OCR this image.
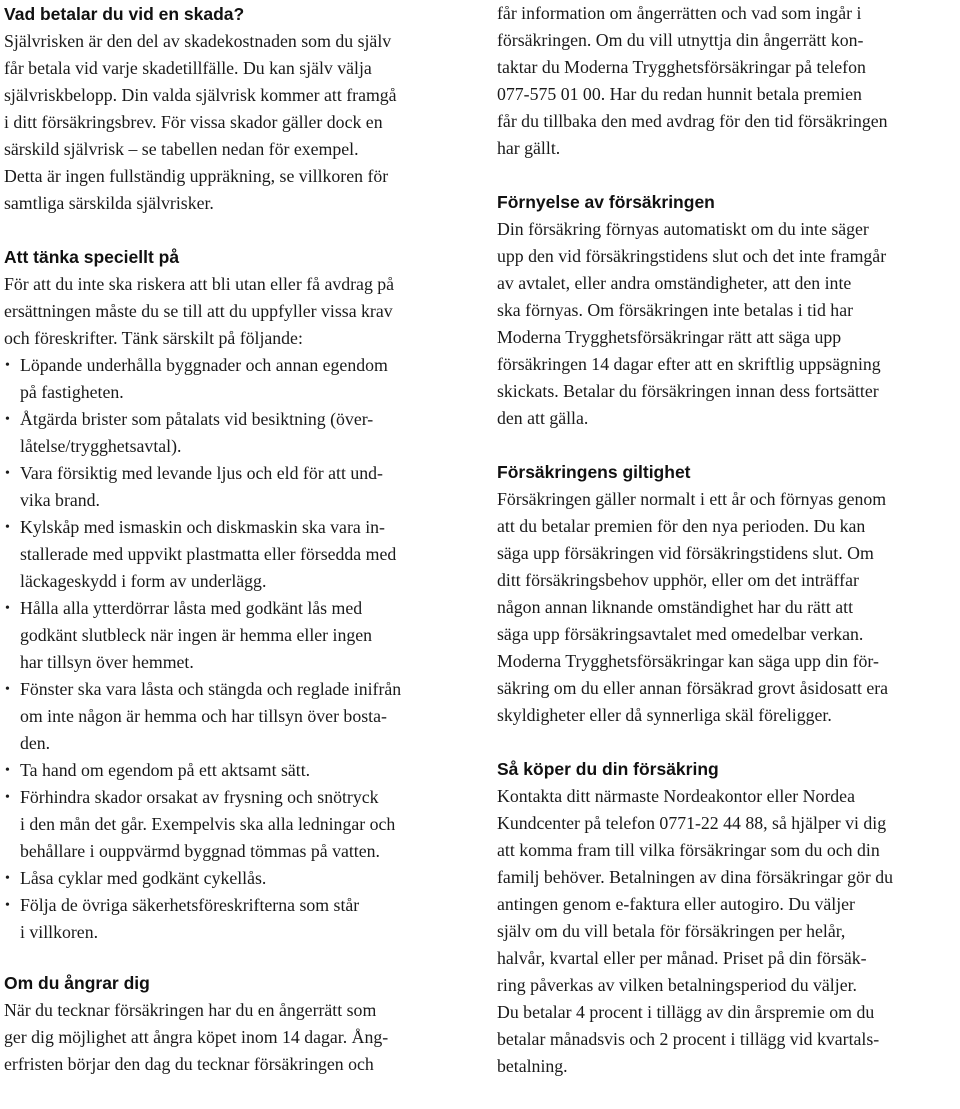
Vad betalar du vid en skada?

Självrisken är den del av skadekostnaden som du själv
får betala vid varje skadetillfälle. Du kan själv välja
självriskbelopp. Din valda självrisk kommer att framgå
i ditt försäkringsbrev. För vissa skador gäller dock en
särskild självrisk – se tabellen nedan för exempel.
Detta är ingen fullständig uppräkning, se villkoren för
samtliga särskilda självrisker.

Att tänka speciellt på

För att du inte ska riskera att bli utan eller få avdrag på
ersättningen måste du se till att du uppfyller vissa krav
och föreskrifter. Tänk särskilt på följande:

• Löpande underhålla byggnader och annan egendom
på fastigheten.
• Åtgärda brister som påtalats vid besiktning (över-
låtelse/trygghetsavtal).
• Vara försiktig med levande ljus och eld för att und-
vika brand.
• Kylskåp med ismaskin och diskmaskin ska vara in-
stallerade med uppvikt plastmatta eller försedda med
läckageskydd i form av underlägg.
• Hålla alla ytterdörrar låsta med godkänt lås med
godkänt slutbleck när ingen är hemma eller ingen
har tillsyn över hemmet.
• Fönster ska vara låsta och stängda och reglade inifrån
om inte någon är hemma och har tillsyn över bosta-
den.
• Ta hand om egendom på ett aktsamt sätt.
• Förhindra skador orsakat av frysning och snötryck
i den mån det går. Exempelvis ska alla ledningar och
behållare i ouppvärmd byggnad tömmas på vatten.
• Låsa cyklar med godkänt cykellås.
• Följa de övriga säkerhetsföreskrifterna som står
i villkoren.
Om du ångrar dig

När du tecknar försäkringen har du en ångerrätt som
ger dig möjlighet att ångra köpet inom 14 dagar. Ång-
erfristen börjar den dag du tecknar försäkringen och

får information om ångerrätten och vad som ingår i
försäkringen. Om du vill utnyttja din ångerrätt kon-
taktar du Moderna Trygghetsförsäkringar på telefon
077-575 01 00. Har du redan hunnit betala premien
får du tillbaka den med avdrag för den tid försäkringen
har gällt.

Förnyelse av försäkringen

Din försäkring förnyas automatiskt om du inte säger
upp den vid försäkringstidens slut och det inte framgår
av avtalet, eller andra omständigheter, att den inte
ska förnyas. Om försäkringen inte betalas i tid har
Moderna Trygghetsförsäkringar rätt att säga upp
försäkringen 14 dagar efter att en skriftlig uppsägning
skickats. Betalar du försäkringen innan dess fortsätter
den att gälla.

Försäkringens giltighet

Försäkringen gäller normalt i ett år och förnyas genom
att du betalar premien för den nya perioden. Du kan
säga upp försäkringen vid försäkringstidens slut. Om
ditt försäkringsbehov upphör, eller om det inträffar
någon annan liknande omständighet har du rätt att
säga upp försäkringsavtalet med omedelbar verkan.
Moderna Trygghetsförsäkringar kan säga upp din för-
säkring om du eller annan försäkrad grovt åsidosatt era
skyldigheter eller då synnerliga skäl föreligger.

Så köper du din försäkring

Kontakta ditt närmaste Nordeakontor eller Nordea
Kundcenter på telefon 0771-22 44 88, så hjälper vi dig
att komma fram till vilka försäkringar som du och din
familj behöver. Betalningen av dina försäkringar gör du
antingen genom e-faktura eller autogiro. Du väljer
själv om du vill betala för försäkringen per helår,
halvår, kvartal eller per månad. Priset på din försäk-
ring påverkas av vilken betalningsperiod du väljer.
Du betalar 4 procent i tillägg av din årspremie om du
betalar månadsvis och 2 procent i tillägg vid kvartals-
betalning.
